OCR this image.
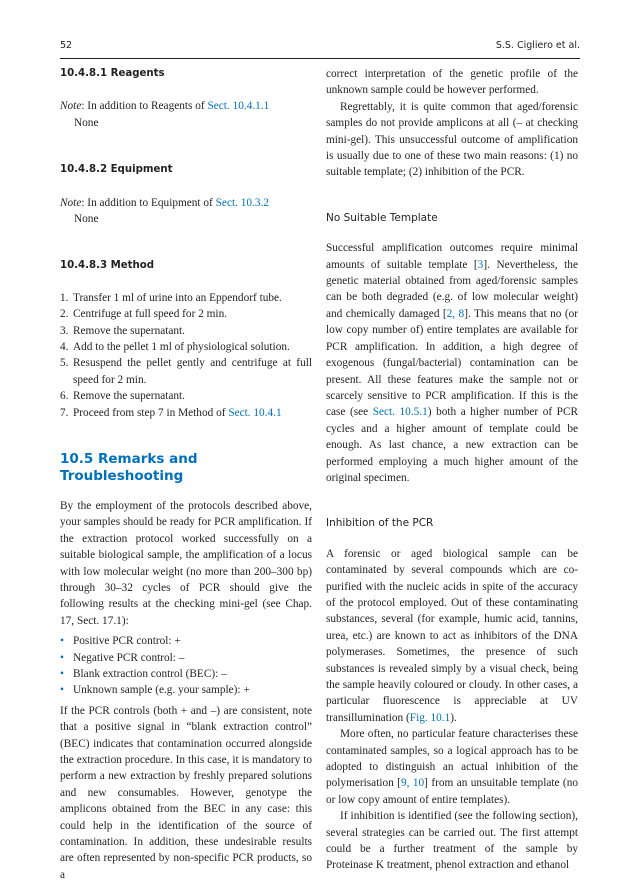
52	S.S. Cigliero et al.
10.4.8.1 Reagents

Note: In addition to Reagents of Sect. 10.4.1.1

None

10.4.8.2 Equipment

Note: In addition to Equipment of Sect. 10.3.2

None

10.4.8.3 Method
1. Transfer 1 ml of urine into an Eppendorf tube.
2. Centrifuge at full speed for 2 min.
3. Remove the supernatant.
4. Add to the pellet 1 ml of physiological solution.
5. Resuspend the pellet gently and centrifuge at full speed for 2 min.
6. Remove the supernatant.
7. Proceed from step 7 in Method of Sect. 10.4.1
10.5 Remarks and Troubleshooting

By the employment of the protocols described above, your samples should be ready for PCR amplification. If the extraction protocol worked successfully on a suitable biological sample, the amplification of a locus with low molecular weight (no more than 200–300 bp) through 30–32 cycles of PCR should give the following results at the checking mini-gel (see Chap. 17, Sect. 17.1):

• Positive PCR control: +
• Negative PCR control: –
• Blank extraction control (BEC): –
• Unknown sample (e.g. your sample): +

If the PCR controls (both + and –) are consistent, note that a positive signal in “blank extraction control” (BEC) indicates that contamination occurred alongside the extraction procedure. In this case, it is mandatory to perform a new extraction by freshly prepared solutions and new consumables. However, genotype the amplicons obtained from the BEC in any case: this could help in the identification of the source of contamination. In addition, these undesirable results are often represented by non-specific PCR products, so a

correct interpretation of the genetic profile of the unknown sample could be however performed.

Regrettably, it is quite common that aged/forensic samples do not provide amplicons at all (– at checking mini-gel). This unsuccessful outcome of amplification is usually due to one of these two main reasons: (1) no suitable template; (2) inhibition of the PCR.

No Suitable Template

Successful amplification outcomes require minimal amounts of suitable template [3]. Nevertheless, the genetic material obtained from aged/forensic samples can be both degraded (e.g. of low molecular weight) and chemically damaged [2, 8]. This means that no (or low copy number of) entire templates are available for PCR amplification. In addition, a high degree of exogenous (fungal/bacterial) contamination can be present. All these features make the sample not or scarcely sensitive to PCR amplification. If this is the case (see Sect. 10.5.1) both a higher number of PCR cycles and a higher amount of template could be enough. As last chance, a new extraction can be performed employing a much higher amount of the original specimen.

Inhibition of the PCR

A forensic or aged biological sample can be contaminated by several compounds which are co-purified with the nucleic acids in spite of the accuracy of the protocol employed. Out of these contaminating substances, several (for example, humic acid, tannins, urea, etc.) are known to act as inhibitors of the DNA polymerases. Sometimes, the presence of such substances is revealed simply by a visual check, being the sample heavily coloured or cloudy. In other cases, a particular fluorescence is appreciable at UV transillumination (Fig. 10.1).

More often, no particular feature characterises these contaminated samples, so a logical approach has to be adopted to distinguish an actual inhibition of the polymerisation [9, 10] from an unsuitable template (no or low copy amount of entire templates).

If inhibition is identified (see the following section), several strategies can be carried out. The first attempt could be a further treatment of the sample by Proteinase K treatment, phenol extraction and ethanol
